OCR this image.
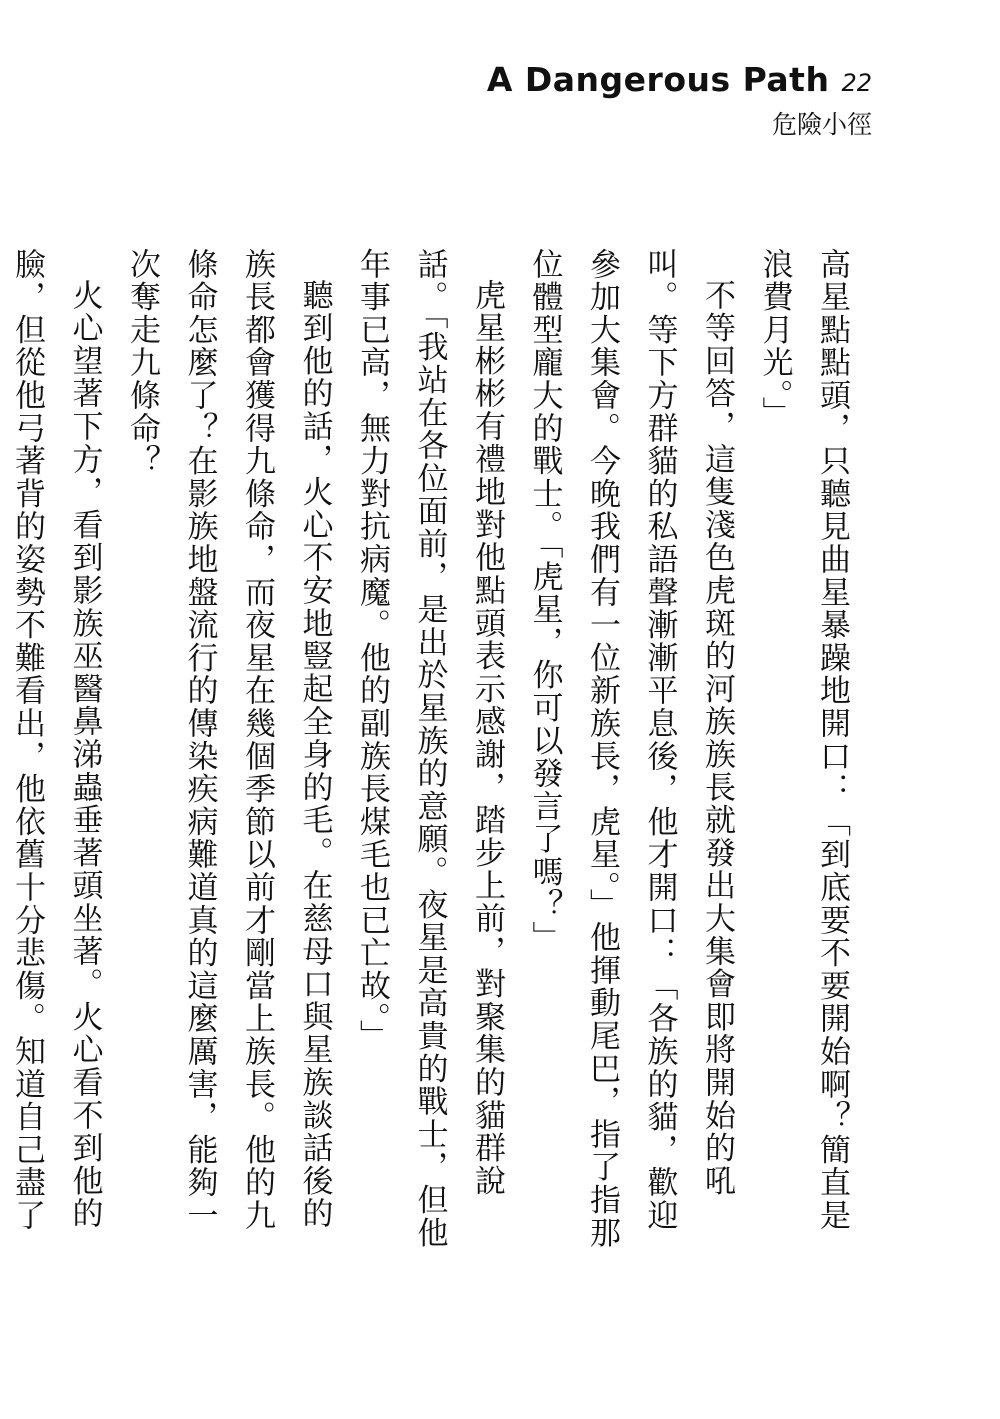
A Dangerous Path 22
危險小徑

高星點點頭，只聽見曲星暴躁地開口：「到底要不要開始啊？簡直是浪費月光。」

不等回答，這隻淺色虎斑的河族族長就發出大集會即將開始的吼叫。等下方群貓的私語聲漸漸平息後，他才開口：「各族的貓，歡迎參加大集會。今晚我們有一位新族長，虎星。」他揮動尾巴，指了指那位體型龐大的戰士。「虎星，你可以發言了嗎？」

虎星彬彬有禮地對他點頭表示感謝，踏步上前，對聚集的貓群說話。「我站在各位面前，是出於星族的意願。夜星是高貴的戰士，但他年事已高，無力對抗病魔。他的副族長煤毛也已亡故。」

聽到他的話，火心不安地豎起全身的毛。在慈母口與星族談話後的族長都會獲得九條命，而夜星在幾個季節以前才剛當上族長。他的九條命怎麼了？在影族地盤流行的傳染疾病難道真的這麼厲害，能夠一次奪走九條命？

火心望著下方，看到影族巫醫鼻涕蟲垂著頭坐著。火心看不到他的臉，但從他弓著背的姿勢不難看出，他依舊十分悲傷。知道自己盡了
